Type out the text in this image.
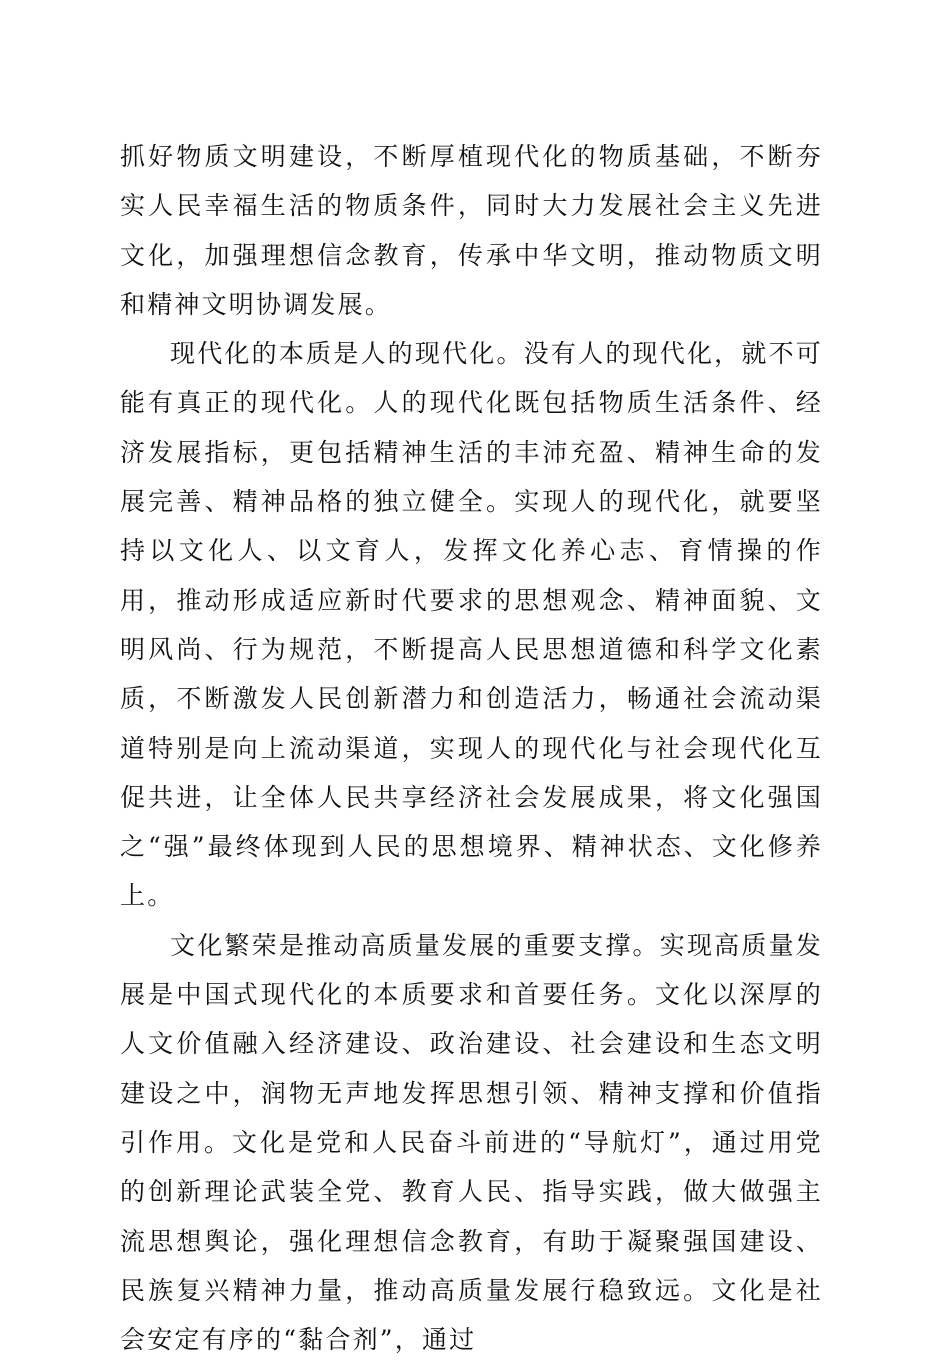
抓好物质文明建设，不断厚植现代化的物质基础，不断夯实人民幸福生活的物质条件，同时大力发展社会主义先进文化，加强理想信念教育，传承中华文明，推动物质文明和精神文明协调发展。

现代化的本质是人的现代化。没有人的现代化，就不可能有真正的现代化。人的现代化既包括物质生活条件、经济发展指标，更包括精神生活的丰沛充盈、精神生命的发展完善、精神品格的独立健全。实现人的现代化，就要坚持以文化人、以文育人，发挥文化养心志、育情操的作用，推动形成适应新时代要求的思想观念、精神面貌、文明风尚、行为规范，不断提高人民思想道德和科学文化素质，不断激发人民创新潜力和创造活力，畅通社会流动渠道特别是向上流动渠道，实现人的现代化与社会现代化互促共进，让全体人民共享经济社会发展成果，将文化强国之“强”最终体现到人民的思想境界、精神状态、文化修养上。

文化繁荣是推动高质量发展的重要支撑。实现高质量发展是中国式现代化的本质要求和首要任务。文化以深厚的人文价值融入经济建设、政治建设、社会建设和生态文明建设之中，润物无声地发挥思想引领、精神支撑和价值指引作用。文化是党和人民奋斗前进的“导航灯”，通过用党的创新理论武装全党、教育人民、指导实践，做大做强主流思想舆论，强化理想信念教育，有助于凝聚强国建设、民族复兴精神力量，推动高质量发展行稳致远。文化是社会安定有序的“黏合剂”，通过
